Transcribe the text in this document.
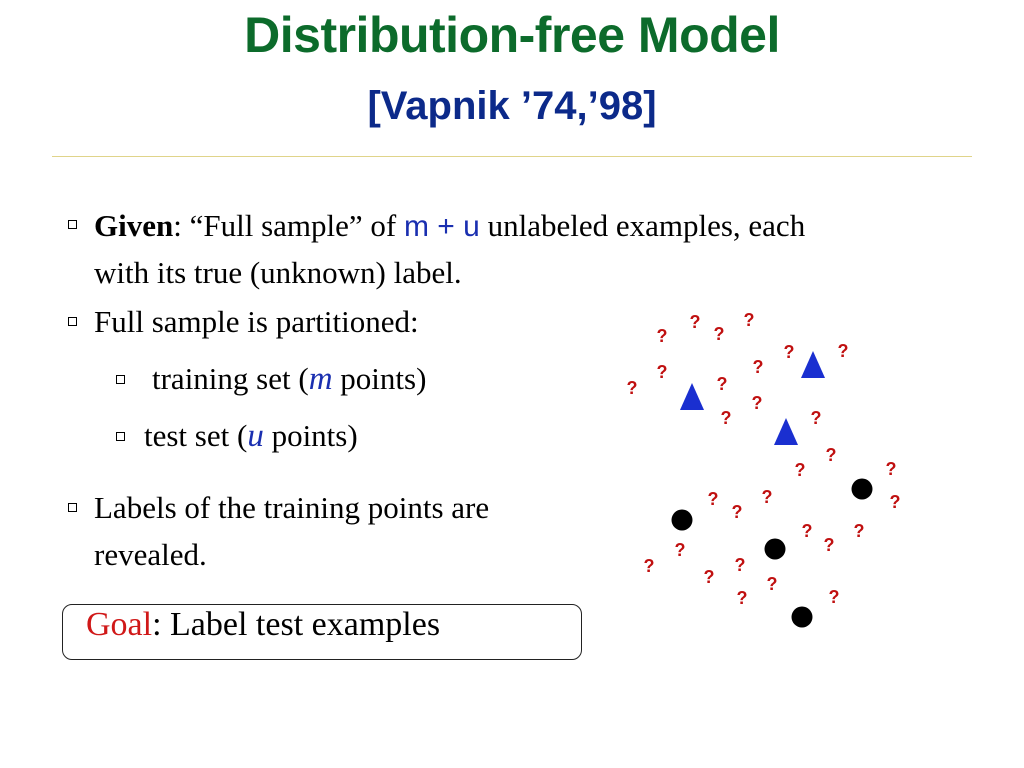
Distribution-free Model
[Vapnik ’74,’98]
Given: “Full sample” of m + u unlabeled examples, each
with its true (unknown) label.
Full sample is partitioned:
training set (m points)
test set (u points)
Labels of the training points are
revealed.
Goal: Label test examples
?
?
?
?
?
?
?
?
? ?
?
?
?
?
?
?
?
?
?
?
?
?
?
?
?
?
?
?
?	?
